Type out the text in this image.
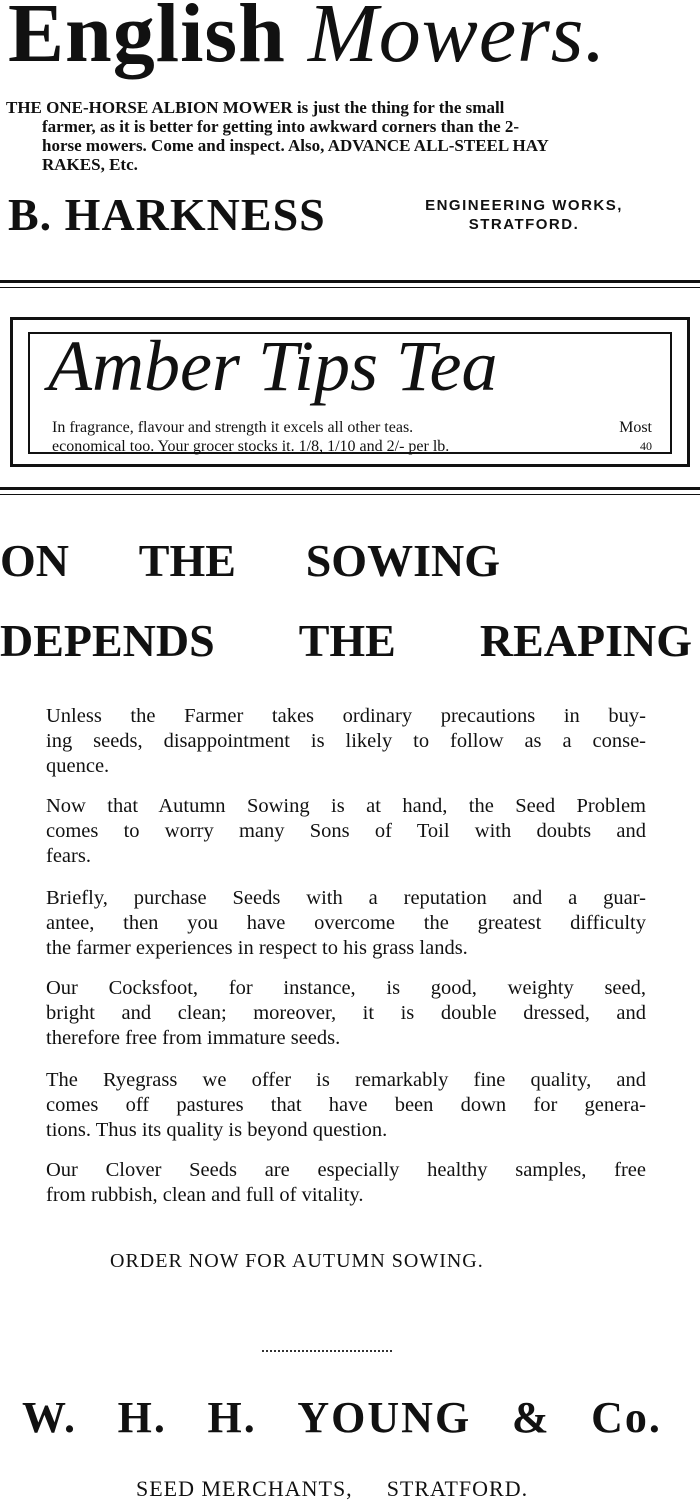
English Mowers.
THE ONE-HORSE ALBION MOWER is just the thing for the small
farmer, as it is better for getting into awkward corners than the 2-
horse mowers. Come and inspect. Also, ADVANCE ALL-STEEL HAY
RAKES, Etc.
B. HARKNESS	ENGINEERING WORKS,
STRATFORD.
Amber Tips Tea
In fragrance, flavour and strength it excels all other teas.	Most
economical too. Your grocer stocks it. 1/8, 1/10 and 2/- per lb.	40
ON THE SOWING
DEPENDS THE REAPING
Unless the Farmer takes ordinary precautions in buy-
ing seeds, disappointment is likely to follow as a conse-
quence.
Now that Autumn Sowing is at hand, the Seed Problem
comes to worry many Sons of Toil with doubts and
fears.
Briefly, purchase Seeds with a reputation and a guar-
antee, then you have overcome the greatest difficulty
the farmer experiences in respect to his grass lands.
Our Cocksfoot, for instance, is good, weighty seed,
bright and clean; moreover, it is double dressed, and
therefore free from immature seeds.
The Ryegrass we offer is remarkably fine quality, and
comes off pastures that have been down for genera-
tions. Thus its quality is beyond question.
Our Clover Seeds are especially healthy samples, free
from rubbish, clean and full of vitality.
ORDER NOW FOR AUTUMN SOWING.
W. H. H. YOUNG & Co.
SEED MERCHANTS, STRATFORD.
